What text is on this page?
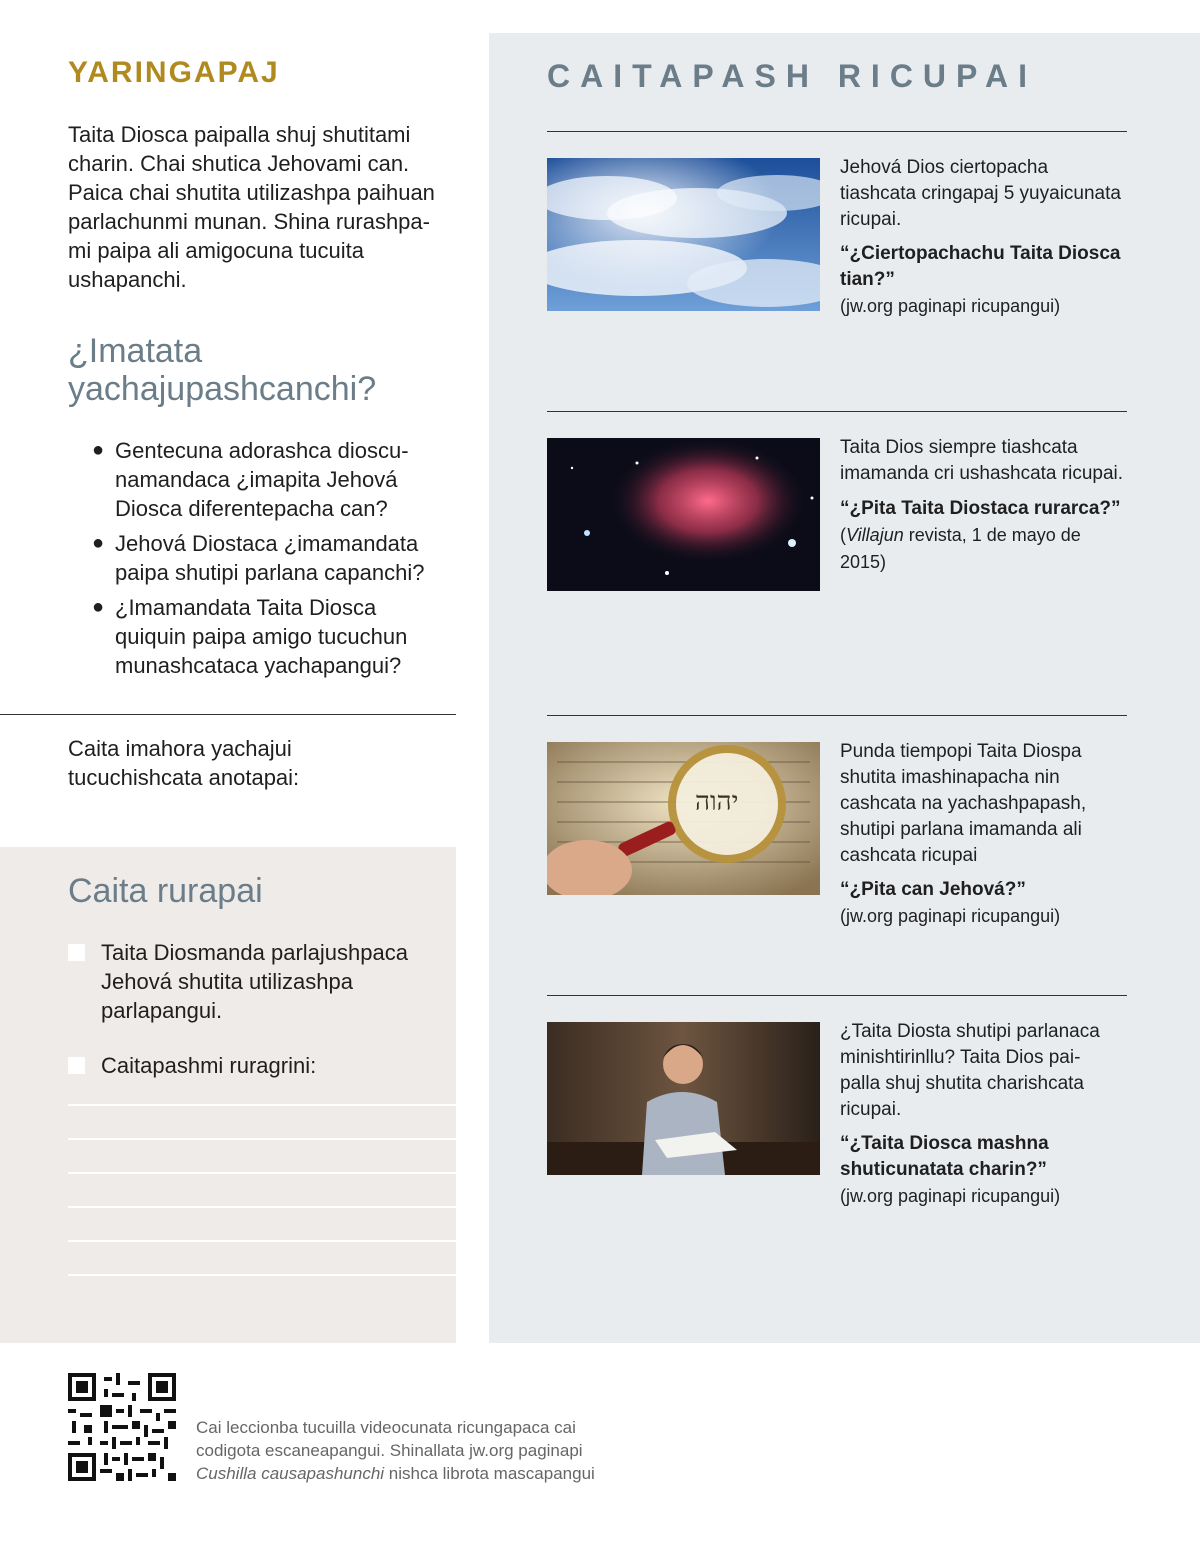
YARINGAPAJ

Taita Diosca paipalla shuj shutitami charin. Chai shutica Jehovami can. Paica chai shutita utilizashpa paihuan parlachunmi munan. Shina rurashpa- mi paipa ali amigocuna tucuita ushapanchi.

¿Imatata yachajupashcanchi?
● Gentecuna adorashca dioscu- namandaca ¿imapita Jehová Diosca diferentepacha can?
● Jehová Diostaca ¿imamandata paipa shutipi parlana capanchi?
● ¿Imamandata Taita Diosca quiquin paipa amigo tucuchun munashcataca yachapangui?

Caita imahora yachajui tucuchishcata anotapai:

Caita rurapai
Taita Diosmanda parlajushpaca Jehová shutita utilizashpa parlapangui.
Caitapashmi ruragrini:
CAITAPASH RICUPAI

Jehová Dios ciertopacha tiashcata cringapaj 5 yuyaicunata ricupai.

“¿Ciertopachachu Taita Diosca tian?”

(jw.org paginapi ricupangui)

Taita Dios siempre tiashcata imamanda cri ushashcata ricupai.

“¿Pita Taita Diostaca rurarca?” (Villajun revista, 1 de mayo de 2015)

יהוה

Punda tiempopi Taita Diospa shutita imashinapacha nin cashcata na yachashpapash, shutipi parlana imamanda ali cashcata ricupai

“¿Pita can Jehová?”

(jw.org paginapi ricupangui)

¿Taita Diosta shutipi parlanaca minishtirinllu? Taita Dios pai- palla shuj shutita charishcata ricupai.

“¿Taita Diosca mashna shuticunatata charin?”

(jw.org paginapi ricupangui)

Cai leccionba tucuilla videocunata ricungapaca cai
codigota escaneapangui. Shinallata jw.org paginapi
Cushilla causapashunchi nishca librota mascapangui
